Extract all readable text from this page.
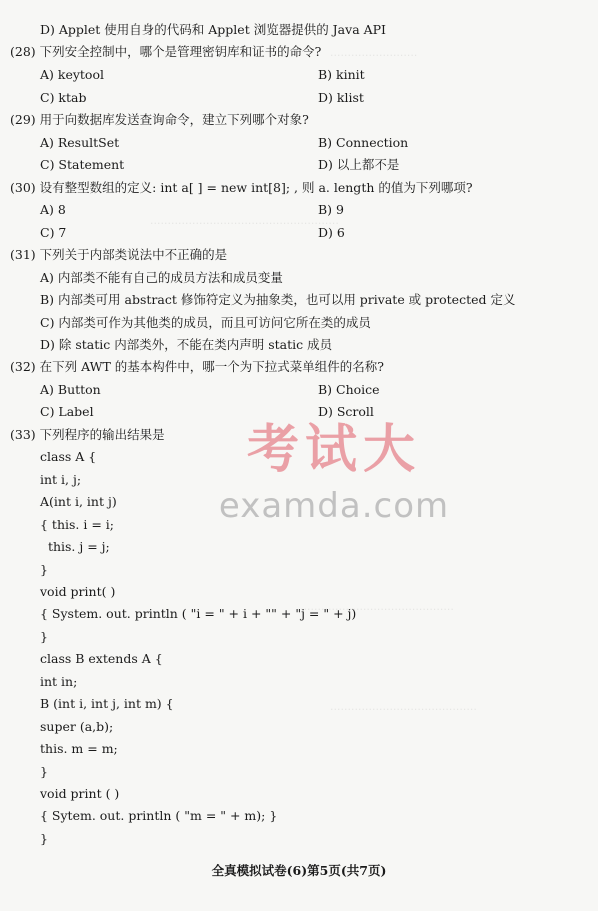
.........................
......................................................
............................................
..........................................
D) Applet 使用自身的代码和 Applet 浏览器提供的 Java API
(28) 下列安全控制中，哪个是管理密钥库和证书的命令?
A) keytool	B) kinit
C) ktab	D) klist
(29) 用于向数据库发送查询命令，建立下列哪个对象?
A) ResultSet	B) Connection
C) Statement	D) 以上都不是
(30) 设有整型数组的定义: int a[ ] = new int[8]; , 则 a. length 的值为下列哪项?
A) 8	B) 9
C) 7	D) 6
(31) 下列关于内部类说法中不正确的是
A) 内部类不能有自己的成员方法和成员变量
B) 内部类可用 abstract 修饰符定义为抽象类，也可以用 private 或 protected 定义
C) 内部类可作为其他类的成员，而且可访问它所在类的成员
D) 除 static 内部类外，不能在类内声明 static 成员
(32) 在下列 AWT 的基本构件中，哪一个为下拉式菜单组件的名称?
A) Button	B) Choice
C) Label	D) Scroll
(33) 下列程序的输出结果是
class A {
int i, j;
A(int i, int j)
{ this. i = i;
this. j = j;
}
void print( )
{ System. out. println ( "i = " + i + "" + "j = " + j)
}
class B extends A {
int in;
B (int i, int j, int m) {
super (a,b);
this. m = m;
}
void print ( )
{ Sytem. out. println ( "m = " + m); }
}
考试大
examda.com
全真模拟试卷(6)第5页(共7页)
